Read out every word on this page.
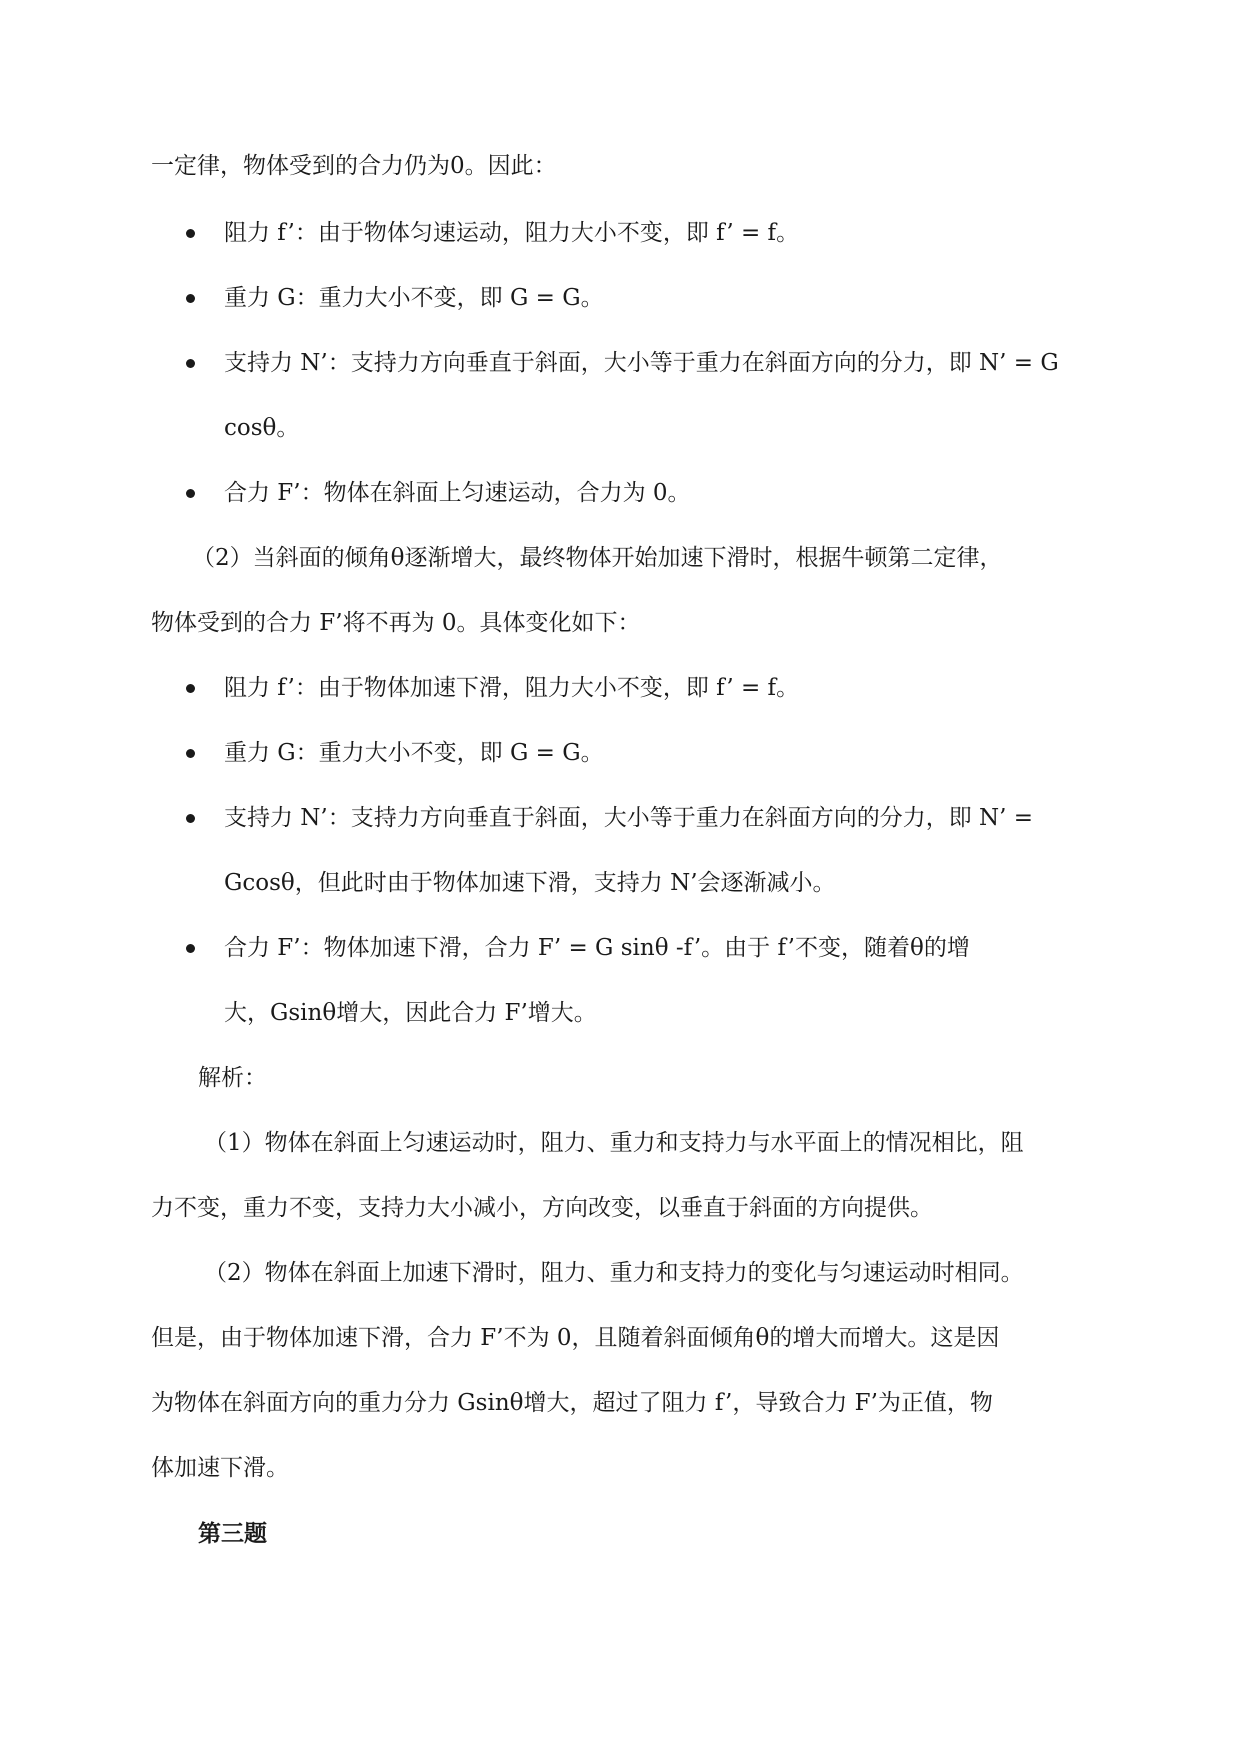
一定律，物体受到的合力仍为0。因此：
阻力 f’：由于物体匀速运动，阻力大小不变，即 f’ = f。
重力 G：重力大小不变，即 G = G。
支持力 N’：支持力方向垂直于斜面，大小等于重力在斜面方向的分力，即 N’ = G
cosθ。
合力 F’：物体在斜面上匀速运动，合力为 0。
（2）当斜面的倾角θ逐渐增大，最终物体开始加速下滑时，根据牛顿第二定律，
物体受到的合力 F’将不再为 0。具体变化如下：
阻力 f’：由于物体加速下滑，阻力大小不变，即 f’ = f。
重力 G：重力大小不变，即 G = G。
支持力 N’：支持力方向垂直于斜面，大小等于重力在斜面方向的分力，即 N’ =
Gcosθ，但此时由于物体加速下滑，支持力 N’会逐渐减小。
合力 F’：物体加速下滑，合力 F’ = G sinθ -f’。由于 f’不变，随着θ的增
大，Gsinθ增大，因此合力 F’增大。
解析：
（1）物体在斜面上匀速运动时，阻力、重力和支持力与水平面上的情况相比，阻
力不变，重力不变，支持力大小减小，方向改变，以垂直于斜面的方向提供。
（2）物体在斜面上加速下滑时，阻力、重力和支持力的变化与匀速运动时相同。
但是，由于物体加速下滑，合力 F’不为 0，且随着斜面倾角θ的增大而增大。这是因
为物体在斜面方向的重力分力 Gsinθ增大，超过了阻力 f’，导致合力 F’为正值，物
体加速下滑。
第三题
